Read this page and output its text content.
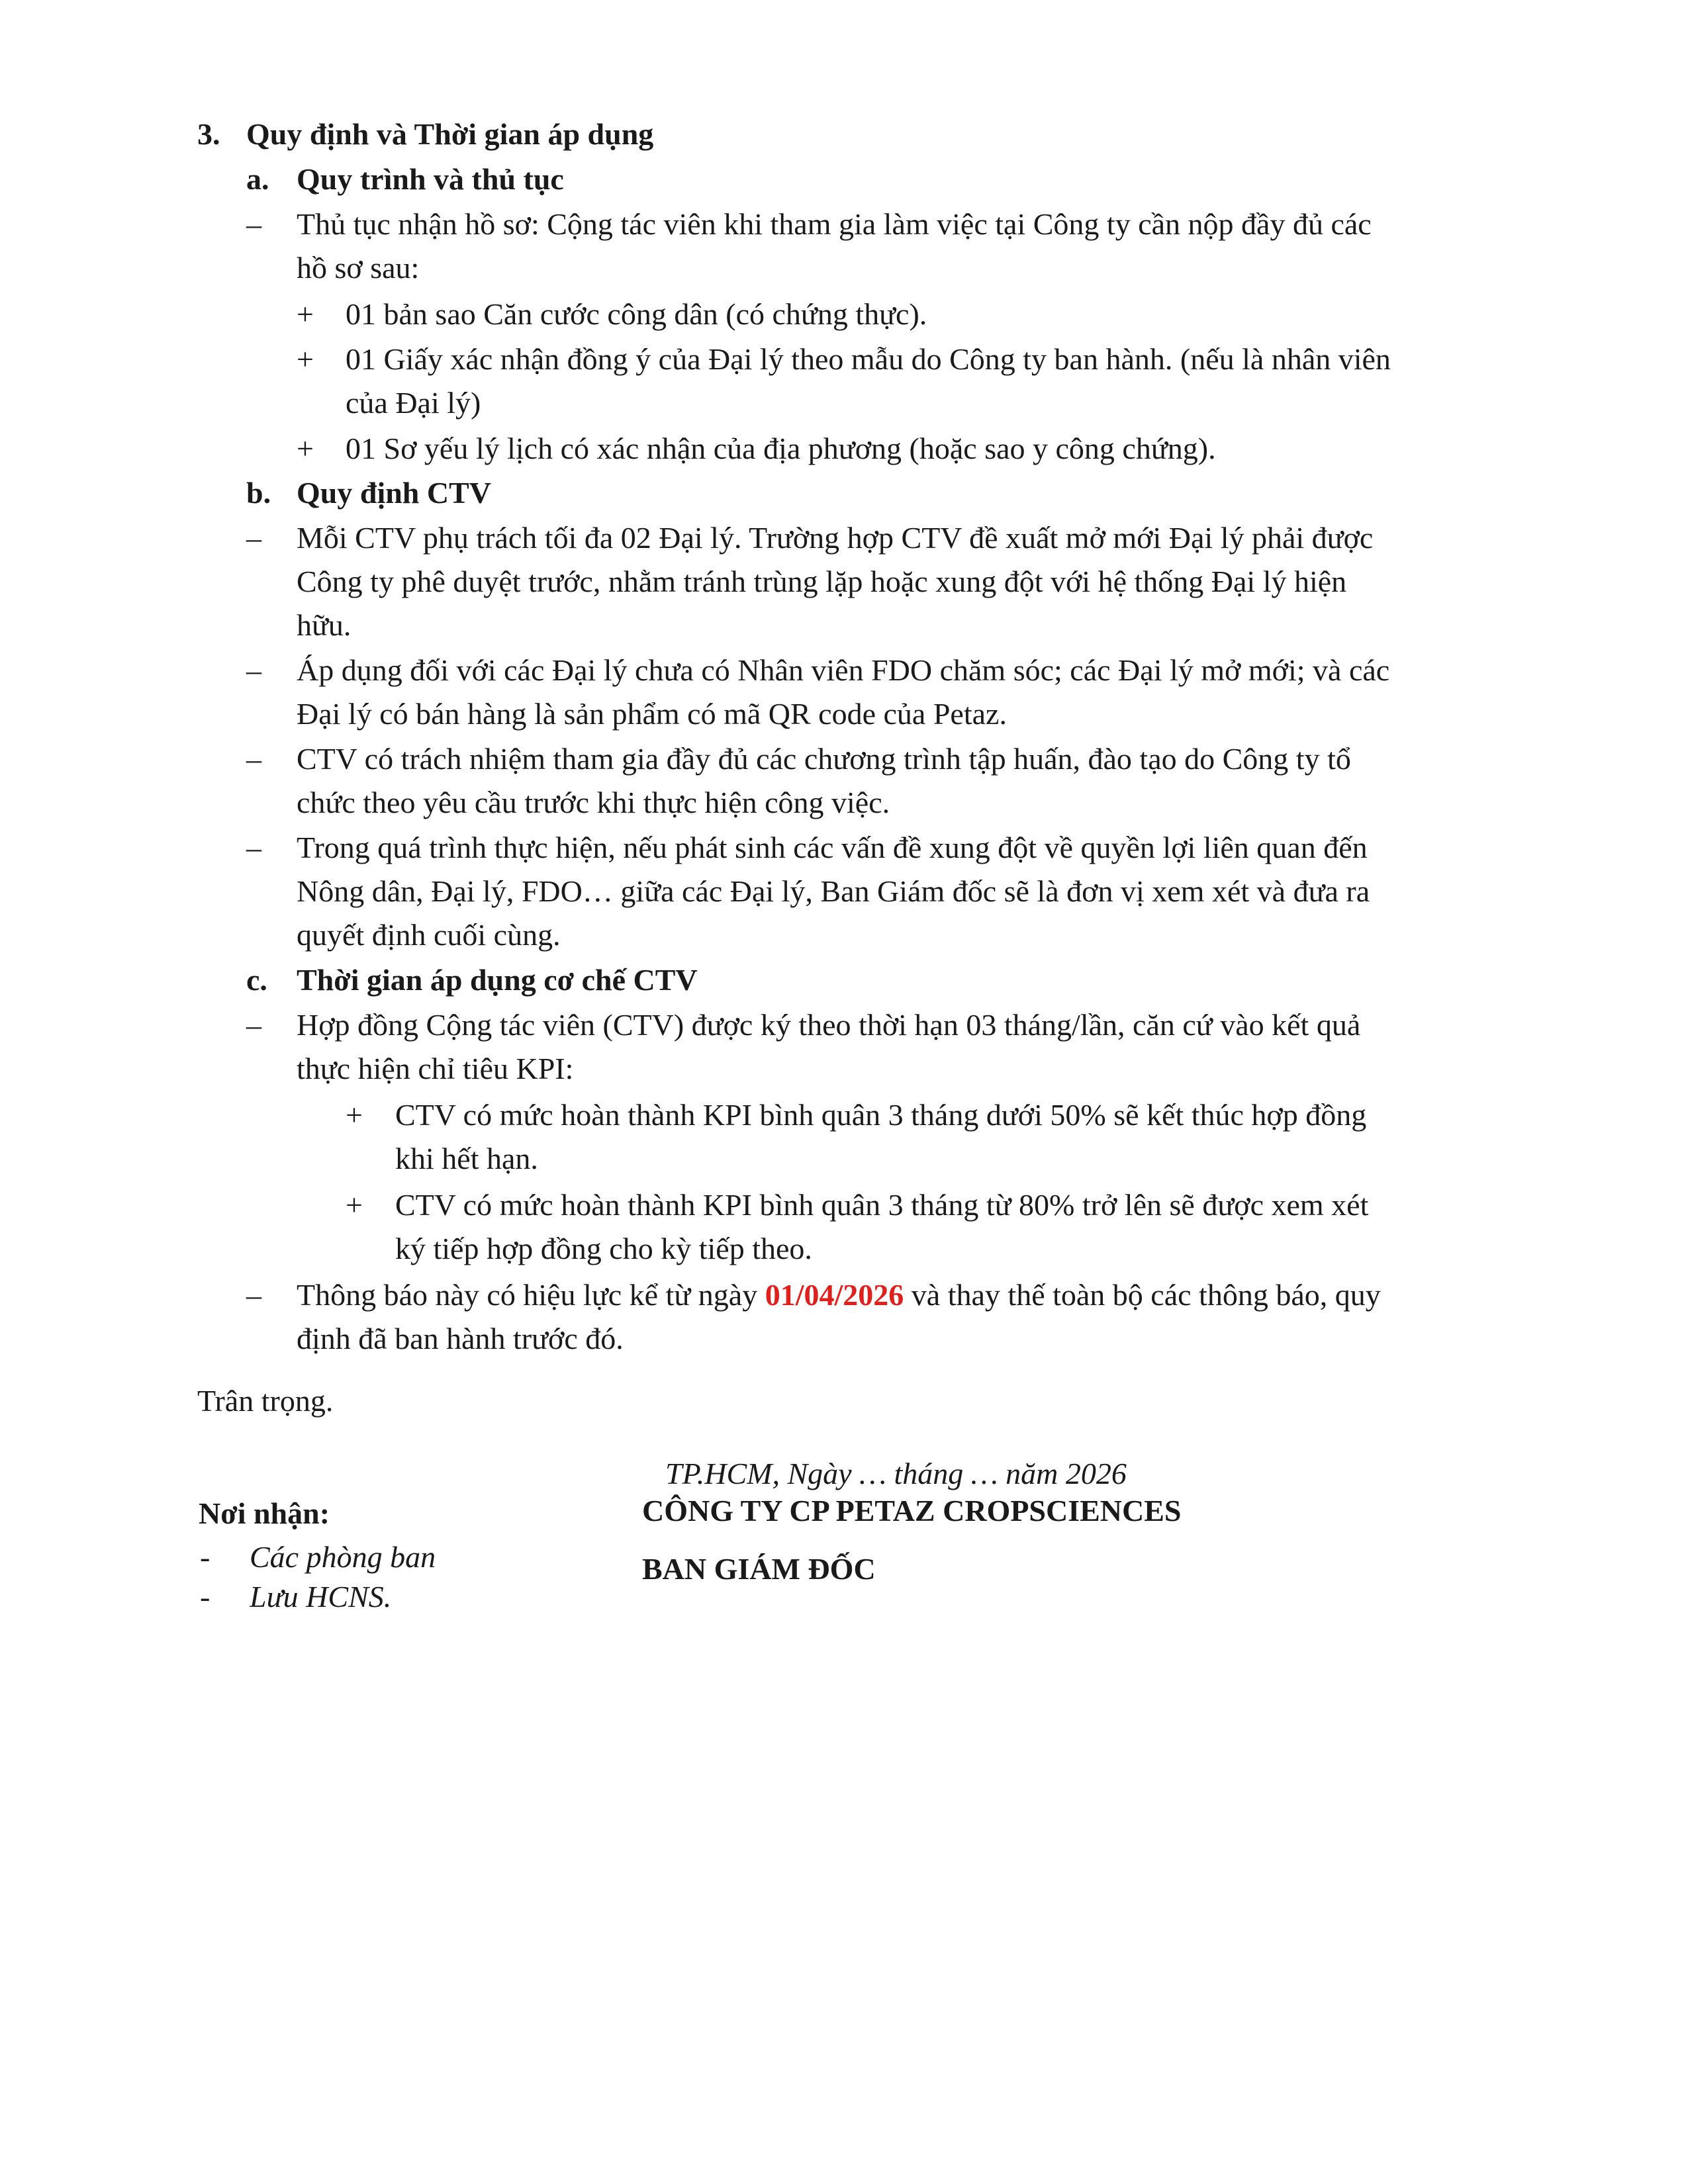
3. Quy định và Thời gian áp dụng
a. Quy trình và thủ tục
– Thủ tục nhận hồ sơ: Cộng tác viên khi tham gia làm việc tại Công ty cần nộp đầy đủ các
hồ sơ sau:
+ 01 bản sao Căn cước công dân (có chứng thực).
+ 01 Giấy xác nhận đồng ý của Đại lý theo mẫu do Công ty ban hành. (nếu là nhân viên
của Đại lý)
+ 01 Sơ yếu lý lịch có xác nhận của địa phương (hoặc sao y công chứng).
b. Quy định CTV
– Mỗi CTV phụ trách tối đa 02 Đại lý. Trường hợp CTV đề xuất mở mới Đại lý phải được
Công ty phê duyệt trước, nhằm tránh trùng lặp hoặc xung đột với hệ thống Đại lý hiện
hữu.
– Áp dụng đối với các Đại lý chưa có Nhân viên FDO chăm sóc; các Đại lý mở mới; và các
Đại lý có bán hàng là sản phẩm có mã QR code của Petaz.
– CTV có trách nhiệm tham gia đầy đủ các chương trình tập huấn, đào tạo do Công ty tổ
chức theo yêu cầu trước khi thực hiện công việc.
– Trong quá trình thực hiện, nếu phát sinh các vấn đề xung đột về quyền lợi liên quan đến
Nông dân, Đại lý, FDO… giữa các Đại lý, Ban Giám đốc sẽ là đơn vị xem xét và đưa ra
quyết định cuối cùng.
c. Thời gian áp dụng cơ chế CTV
– Hợp đồng Cộng tác viên (CTV) được ký theo thời hạn 03 tháng/lần, căn cứ vào kết quả
thực hiện chỉ tiêu KPI:
+ CTV có mức hoàn thành KPI bình quân 3 tháng dưới 50% sẽ kết thúc hợp đồng
khi hết hạn.
+ CTV có mức hoàn thành KPI bình quân 3 tháng từ 80% trở lên sẽ được xem xét
ký tiếp hợp đồng cho kỳ tiếp theo.
– Thông báo này có hiệu lực kể từ ngày 01/04/2026 và thay thế toàn bộ các thông báo, quy
định đã ban hành trước đó.
Trân trọng.
TP.HCM, Ngày … tháng … năm 2026
CÔNG TY CP PETAZ CROPSCIENCES
BAN GIÁM ĐỐC
Nơi nhận:
- Các phòng ban
- Lưu HCNS.
